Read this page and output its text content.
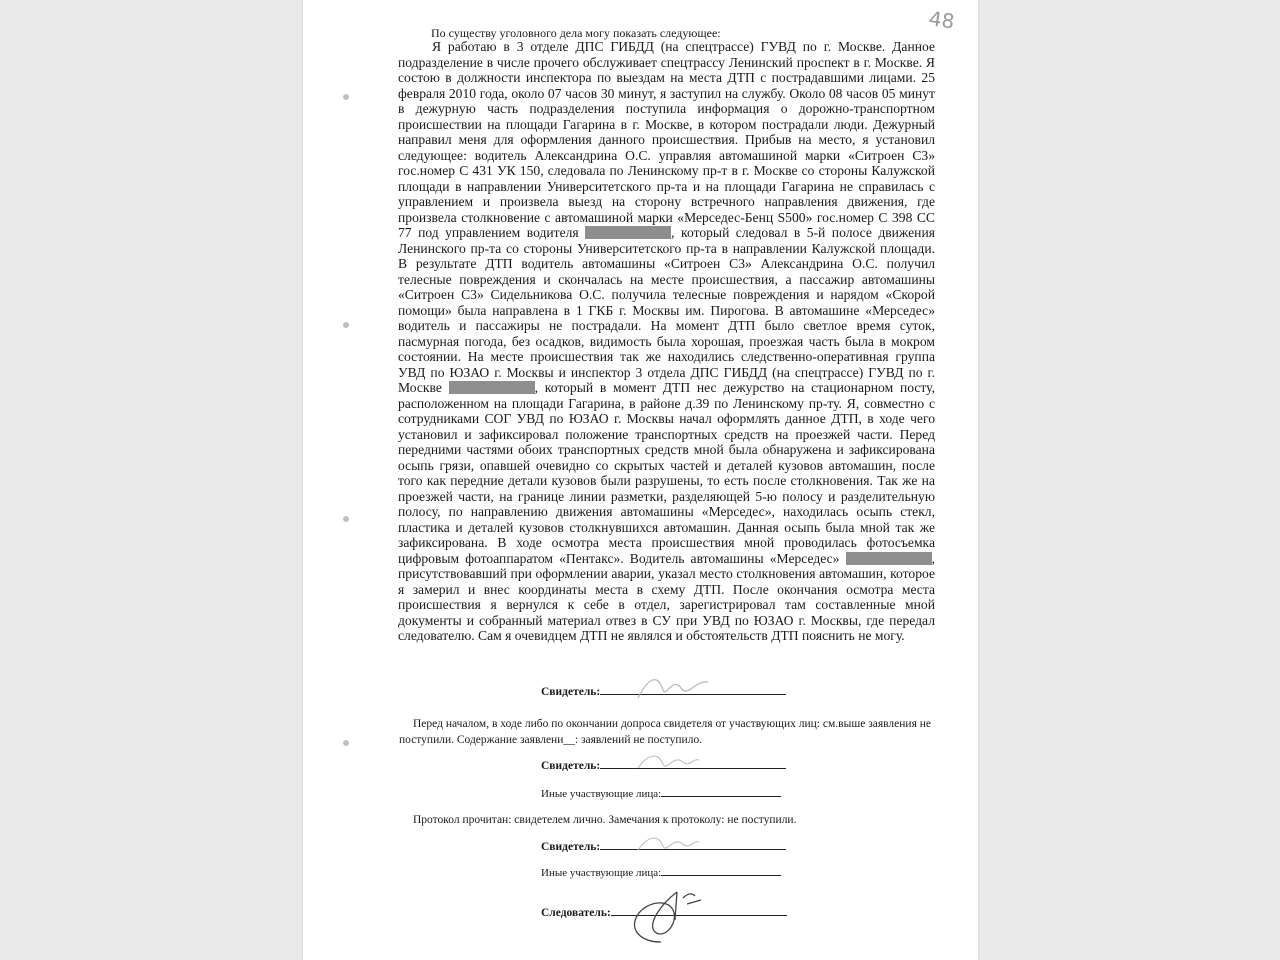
48

По существу уголовного дела могу показать следующее:

Я работаю в 3 отделе ДПС ГИБДД (на спецтрассе) ГУВД по г. Москве. Данное подразделение в числе прочего обслуживает спецтрассу Ленинский проспект в г. Москве. Я состою в должности инспектора по выездам на места ДТП с пострадавшими лицами. 25 февраля 2010 года, около 07 часов 30 минут, я заступил на службу. Около 08 часов 05 минут в дежурную часть подразделения поступила информация о дорожно-транспортном происшествии на площади Гагарина в г. Москве, в котором пострадали люди. Дежурный направил меня для оформления данного происшествия. Прибыв на место, я установил следующее: водитель Александрина О.С. управляя автомашиной марки «Ситроен С3» гос.номер С 431 УК 150, следовала по Ленинскому пр-т в г. Москве со стороны Калужской площади в направлении Университетского пр-та и на площади Гагарина не справилась с управлением и произвела выезд на сторону встречного направления движения, где произвела столкновение с автомашиной марки «Мерседес-Бенц S500» гос.номер С 398 СС 77 под управлением водителя	, который следовал в 5-й полосе движения Ленинского пр-та со стороны Университетского пр-та в направлении Калужской площади. В результате ДТП водитель автомашины «Ситроен С3» Александрина О.С. получил телесные повреждения и скончалась на месте происшествия, а пассажир автомашины «Ситроен С3» Сидельникова О.С. получила телесные повреждения и нарядом «Скорой помощи» была направлена в 1 ГКБ г. Москвы им. Пирогова. В автомашине «Мерседес» водитель и пассажиры не пострадали. На момент ДТП было светлое время суток, пасмурная погода, без осадков, видимость была хорошая, проезжая часть была в мокром состоянии. На месте происшествия так же находились следственно-оперативная группа УВД по ЮЗАО г. Москвы и инспектор 3 отдела ДПС ГИБДД (на спецтрассе) ГУВД по г. Москве	, который в момент ДТП нес дежурство на стационарном посту, расположенном на площади Гагарина, в районе д.39 по Ленинскому пр-ту. Я, совместно с сотрудниками СОГ УВД по ЮЗАО г. Москвы начал оформлять данное ДТП, в ходе чего установил и зафиксировал положение транспортных средств на проезжей части. Перед передними частями обоих транспортных средств мной была обнаружена и зафиксирована осыпь грязи, опавшей очевидно со скрытых частей и деталей кузовов автомашин, после того как передние детали кузовов были разрушены, то есть после столкновения. Так же на проезжей части, на границе линии разметки, разделяющей 5-ю полосу и разделительную полосу, по направлению движения автомашины «Мерседес», находилась осыпь стекл, пластика и деталей кузовов столкнувшихся автомашин. Данная осыпь была мной так же зафиксирована. В ходе осмотра места происшествия мной проводилась фотосъемка цифровым фотоаппаратом «Пентакс». Водитель автомашины «Мерседес»	, присутствовавший при оформлении аварии, указал место столкновения автомашин, которое я замерил и внес координаты места в схему ДТП. После окончания осмотра места происшествия я вернулся к себе в отдел, зарегистрировал там составленные мной документы и собранный материал отвез в СУ при УВД по ЮЗАО г. Москвы, где передал следователю. Сам я очевидцем ДТП не являлся и обстоятельств ДТП пояснить не могу.

Свидетель:

Перед началом, в ходе либо по окончании допроса свидетеля от участвующих лиц: см.выше заявления не поступили. Содержание заявлени__: заявлений не поступило.

Свидетель:
Иные участвующие лица:
Протокол прочитан: свидетелем лично. Замечания к протоколу: не поступили.
Свидетель:
Иные участвующие лица:
Следователь:
